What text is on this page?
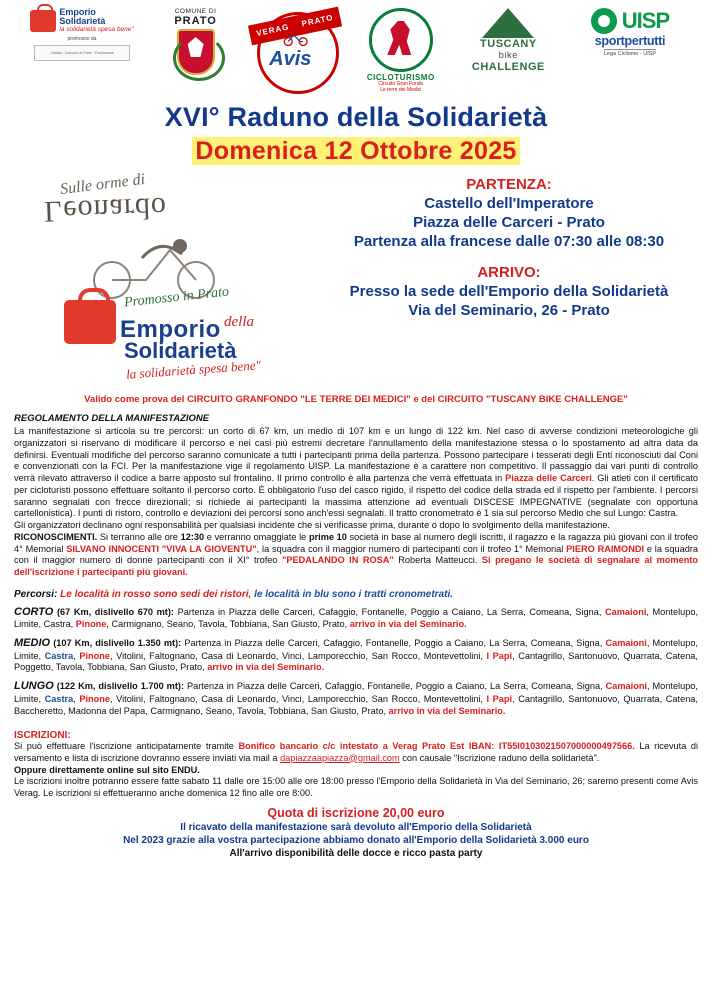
Emporio
Solidarietà
la solidarietà spesa bene"
promosso da
Caritas · Comune di Prato · Fondazione
COMUNE DI
PRATO
VERAG    PRATO
Avis
CICLOTURISMO
Circuito Gran Fondo
Le terre dei Medici
TUSCANY
bike
CHALLENGE
UISP
sportpertutti
Lega Ciclismo - UISP
XVI° Raduno della Solidarietà
Domenica 12 Ottobre 2025
Sulle orme di
Leonardo
Promosso in Prato
Emporio della
Solidarietà
la solidarietà spesa bene"
PARTENZA:
Castello dell'Imperatore
Piazza delle Carceri - Prato
Partenza alla francese dalle 07:30 alle 08:30
ARRIVO:
Presso la sede dell'Emporio della Solidarietà
Via del Seminario, 26 - Prato
Valido come prova del CIRCUITO GRANFONDO "LE TERRE DEI MEDICI" e del CIRCUITO "TUSCANY BIKE CHALLENGE"
REGOLAMENTO DELLA MANIFESTAZIONE

La manifestazione si articola su tre percorsi: un corto di 67 km, un medio di 107 km e un lungo di 122 km. Nel caso di avverse condizioni meteorologiche gli organizzatori si riservano di modificare il percorso e nei casi più estremi decretare l'annullamento della manifestazione stessa o lo spostamento ad altra data da definirsi. Eventuali modifiche del percorso saranno comunicate a tutti i partecipanti prima della partenza. Possono partecipare i tesserati degli Enti riconosciuti dal Coni e convenzionati con la FCI. Per la manifestazione vige il regolamento UISP. La manifestazione è a carattere non competitivo. Il passaggio dai vari punti di controllo verrà rilevato attraverso il codice a barre apposto sul frontalino. Il primo controllo è alla partenza che verrà effettuata in Piazza delle Carceri. Gli atleti con il certificato per cicloturisti possono effettuare soltanto il percorso corto. È obbligatorio l'uso del casco rigido, il rispetto del codice della strada ed il rispetto per l'ambiente. I percorsi saranno segnalati con frecce direzionali; si richiede ai partecipanti la massima attenzione ad eventuali DISCESE IMPEGNATIVE (segnalate con opportuna cartellonistica). I punti di ristoro, controllo e deviazioni dei percorsi sono anch'essi segnalati. Il tratto cronometrato è 1 sia sul percorso Medio che sul Lungo: Castra.

Gli organizzatori declinano ogni responsabilità per qualsiasi incidente che si verificasse prima, durante o dopo lo svolgimento della manifestazione.

RICONOSCIMENTI. Si terranno alle ore 12:30 e verranno omaggiate le prime 10 società in base al numero degli iscritti, il ragazzo e la ragazza più giovani con il trofeo 4° Memorial SILVANO INNOCENTI "VIVA LA GIOVENTU", la squadra con il maggior numero di partecipanti con il trofeo 1° Memorial PIERO RAIMONDI e la squadra con il maggior numero di donne partecipanti con il XI° trofeo "PEDALANDO IN ROSA" Roberta Matteucci. Si pregano le società di segnalare al momento dell'iscrizione i partecipanti più giovani.

Percorsi: Le località in rosso sono sedi dei ristori, le località in blu sono i tratti cronometrati.
CORTO (67 Km, dislivello 670 mt): Partenza in Piazza delle Carceri, Cafaggio, Fontanelle, Poggio a Caiano, La Serra, Comeana, Signa, Camaioni, Montelupo, Limite, Castra, Pinone, Carmignano, Seano, Tavola, Tobbiana, San Giusto, Prato, arrivo in via del Seminario.
MEDIO (107 Km, dislivello 1.350 mt): Partenza in Piazza delle Carceri, Cafaggio, Fontanelle, Poggio a Caiano, La Serra, Comeana, Signa, Camaioni, Montelupo, Limite, Castra, Pinone, Vitolini, Faltognano, Casa di Leonardo, Vinci, Lamporecchio, San Rocco, Montevettolini, I Papi, Cantagrillo, Santonuovo, Quarrata, Catena, Poggetto, Tavola, Tobbiana, San Giusto, Prato, arrivo in via del Seminario.
LUNGO (122 Km, dislivello 1.700 mt): Partenza in Piazza delle Carceri, Cafaggio, Fontanelle, Poggio a Caiano, La Serra, Comeana, Signa, Camaioni, Montelupo, Limite, Castra, Pinone, Vitolini, Faltognano, Casa di Leonardo, Vinci, Lamporecchio, San Rocco, Montevettolini, I Papi, Cantagrillo, Santonuovo, Quarrata, Catena, Baccheretto, Madonna del Papa, Carmignano, Seano, Tavola, Tobbiana, San Giusto, Prato, arrivo in via del Seminario.
ISCRIZIONI:

Si può effettuare l'iscrizione anticipatamente tramite Bonifico bancario c/c intestato a Verag Prato Est IBAN: IT55I0103021507000000497566. La ricevuta di versamento e lista di iscrizione dovranno essere inviati via mail a dapiazzaapiazza@gmail.com con causale "Iscrizione raduno della solidarietà".

Oppure direttamente online sul sito ENDU.

Le iscrizioni inoltre potranno essere fatte sabato 11 dalle ore 15:00 alle ore 18:00 presso l'Emporio della Solidarietà in Via del Seminario, 26; saremo presenti come Avis Verag. Le iscrizioni si effettueranno anche domenica 12 fino alle ore 8:00.

Quota di iscrizione 20,00 euro
Il ricavato della manifestazione sarà devoluto all'Emporio della Solidarietà
Nel 2023 grazie alla vostra partecipazione abbiamo donato all'Emporio della Solidarietà 3.000 euro
All'arrivo disponibilità delle docce e ricco pasta party
